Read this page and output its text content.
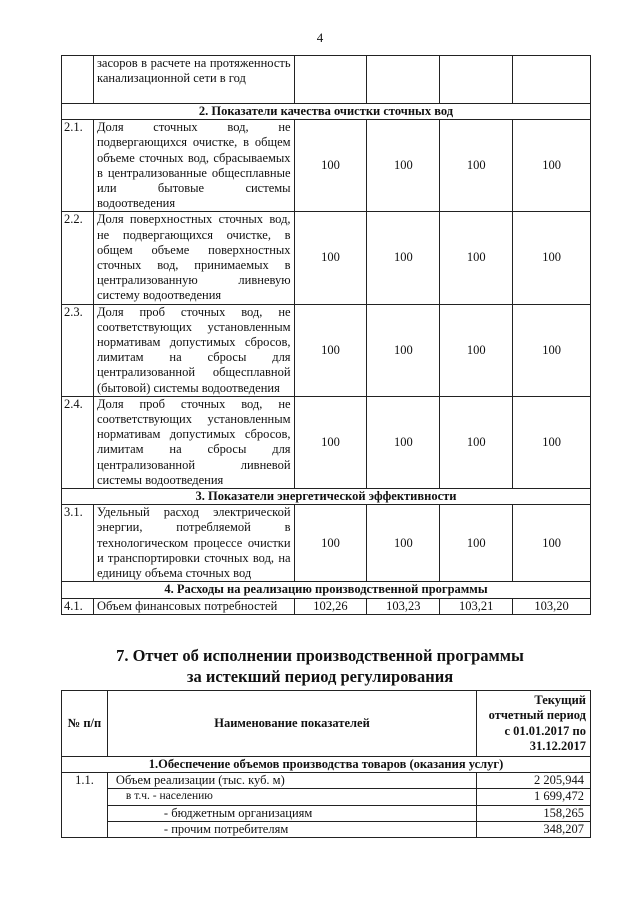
4
	засоров в расчете на протяженность канализационной сети в год				
2. Показатели качества очистки сточных вод					
2.1.	Доля сточных вод, не подвергающихся очистке, в общем объеме сточных вод, сбрасываемых в централизованные общесплавные или бытовые системы водоотведения	100	100	100	100
2.2.	Доля поверхностных сточных вод, не подвергающихся очистке, в общем объеме поверхностных сточных вод, принимаемых в централизованную ливневую систему водоотведения	100	100	100	100
2.3.	Доля проб сточных вод, не соответствующих установленным нормативам допустимых сбросов, лимитам на сбросы для централизованной общесплавной (бытовой) системы водоотведения	100	100	100	100
2.4.	Доля проб сточных вод, не соответствующих установленным нормативам допустимых сбросов, лимитам на сбросы для централизованной ливневой системы водоотведения	100	100	100	100
3. Показатели энергетической эффективности					
3.1.	Удельный расход электрической энергии, потребляемой в технологическом процессе очистки и транспортировки сточных вод, на единицу объема сточных вод	100	100	100	100
4. Расходы на реализацию производственной программы					
4.1.	Объем финансовых потребностей	102,26	103,23	103,21	103,20
7. Отчет об исполнении производственной программы
за истекший период регулирования
№ п/п	Наименование показателей	Текущий отчетный период с 01.01.2017 по 31.12.2017
1.Обеспечение объемов производства товаров (оказания услуг)		
1.1.	Объем реализации (тыс. куб. м)	2 205,944
	в т.ч. - населению	1 699,472
	- бюджетным организациям	158,265
	- прочим потребителям	348,207
